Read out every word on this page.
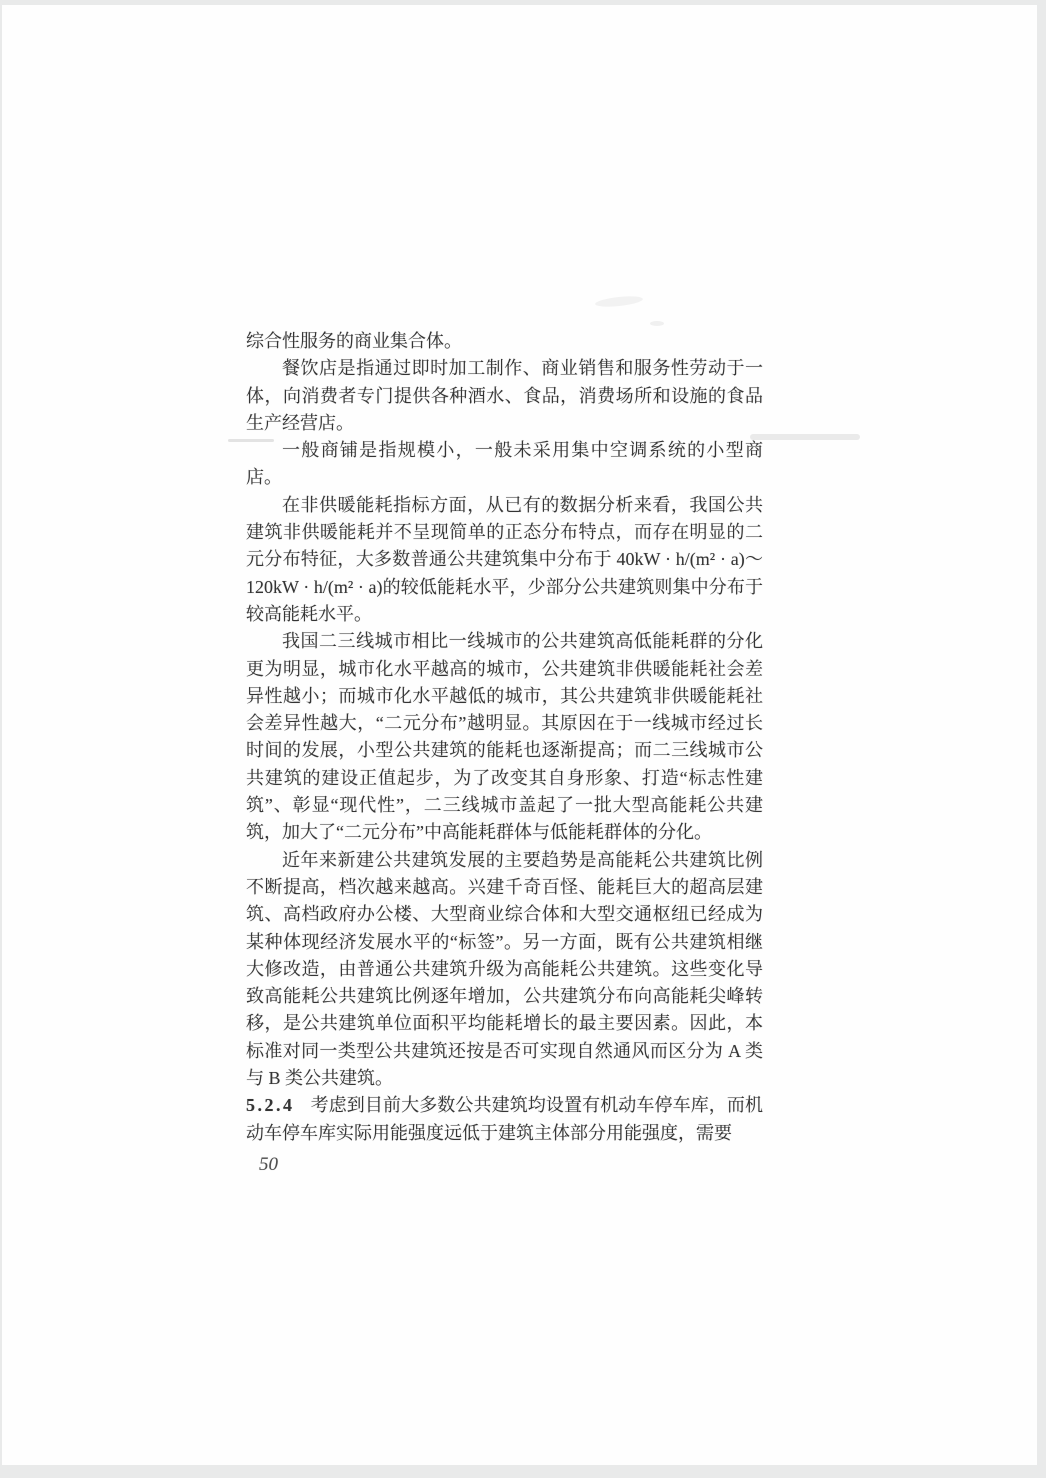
综合性服务的商业集合体。

餐饮店是指通过即时加工制作、商业销售和服务性劳动于一体，向消费者专门提供各种酒水、食品，消费场所和设施的食品生产经营店。

一般商铺是指规模小，一般未采用集中空调系统的小型商店。

在非供暖能耗指标方面，从已有的数据分析来看，我国公共建筑非供暖能耗并不呈现简单的正态分布特点，而存在明显的二元分布特征，大多数普通公共建筑集中分布于 40kW · h/(m² · a)～120kW · h/(m² · a)的较低能耗水平，少部分公共建筑则集中分布于较高能耗水平。

我国二三线城市相比一线城市的公共建筑高低能耗群的分化更为明显，城市化水平越高的城市，公共建筑非供暖能耗社会差异性越小；而城市化水平越低的城市，其公共建筑非供暖能耗社会差异性越大，“二元分布”越明显。其原因在于一线城市经过长时间的发展，小型公共建筑的能耗也逐渐提高；而二三线城市公共建筑的建设正值起步，为了改变其自身形象、打造“标志性建筑”、彰显“现代性”，二三线城市盖起了一批大型高能耗公共建筑，加大了“二元分布”中高能耗群体与低能耗群体的分化。

近年来新建公共建筑发展的主要趋势是高能耗公共建筑比例不断提高，档次越来越高。兴建千奇百怪、能耗巨大的超高层建筑、高档政府办公楼、大型商业综合体和大型交通枢纽已经成为某种体现经济发展水平的“标签”。另一方面，既有公共建筑相继大修改造，由普通公共建筑升级为高能耗公共建筑。这些变化导致高能耗公共建筑比例逐年增加，公共建筑分布向高能耗尖峰转移，是公共建筑单位面积平均能耗增长的最主要因素。因此，本标准对同一类型公共建筑还按是否可实现自然通风而区分为 A 类与 B 类公共建筑。

5.2.4 考虑到目前大多数公共建筑均设置有机动车停车库，而机动车停车库实际用能强度远低于建筑主体部分用能强度，需要

50
